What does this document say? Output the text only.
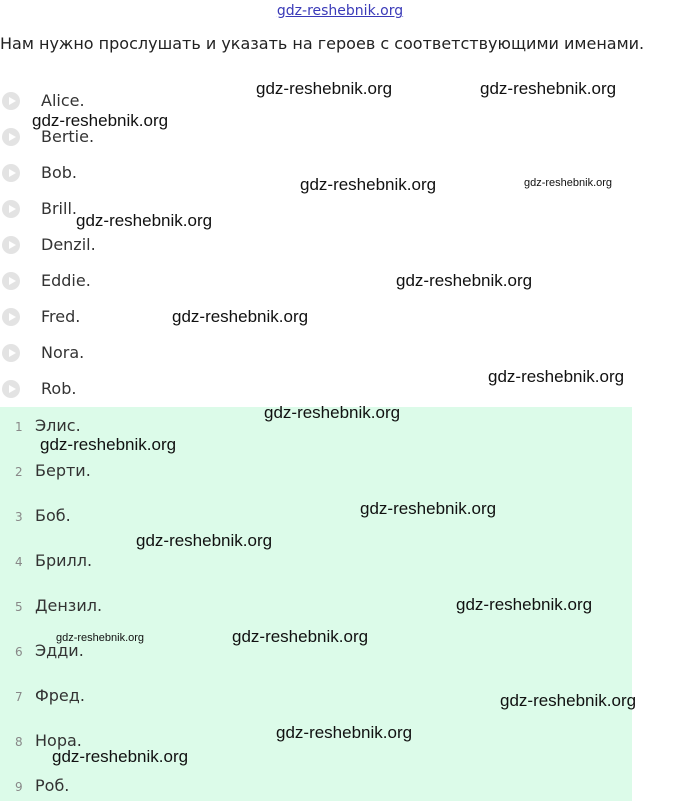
gdz-reshebnik.org
Нам нужно прослушать и указать на героев с соответствующими именами.
Alice.
Bertie.
Bob.
Brill.
Denzil.
Eddie.
Fred.
Nora.
Rob.
1 Элис.
2 Берти.
3 Боб.
4 Брилл.
5 Дензил.
6 Эдди.
7 Фред.
8 Нора.
9 Роб.
gdz-reshebnik.org	gdz-reshebnik.org
gdz-reshebnik.org
gdz-reshebnik.org	gdz-reshebnik.org
gdz-reshebnik.org
gdz-reshebnik.org
gdz-reshebnik.org
gdz-reshebnik.org
gdz-reshebnik.org
gdz-reshebnik.org
gdz-reshebnik.org
gdz-reshebnik.org
gdz-reshebnik.org
gdz-reshebnik.org	gdz-reshebnik.org
gdz-reshebnik.org
gdz-reshebnik.org
gdz-reshebnik.org
